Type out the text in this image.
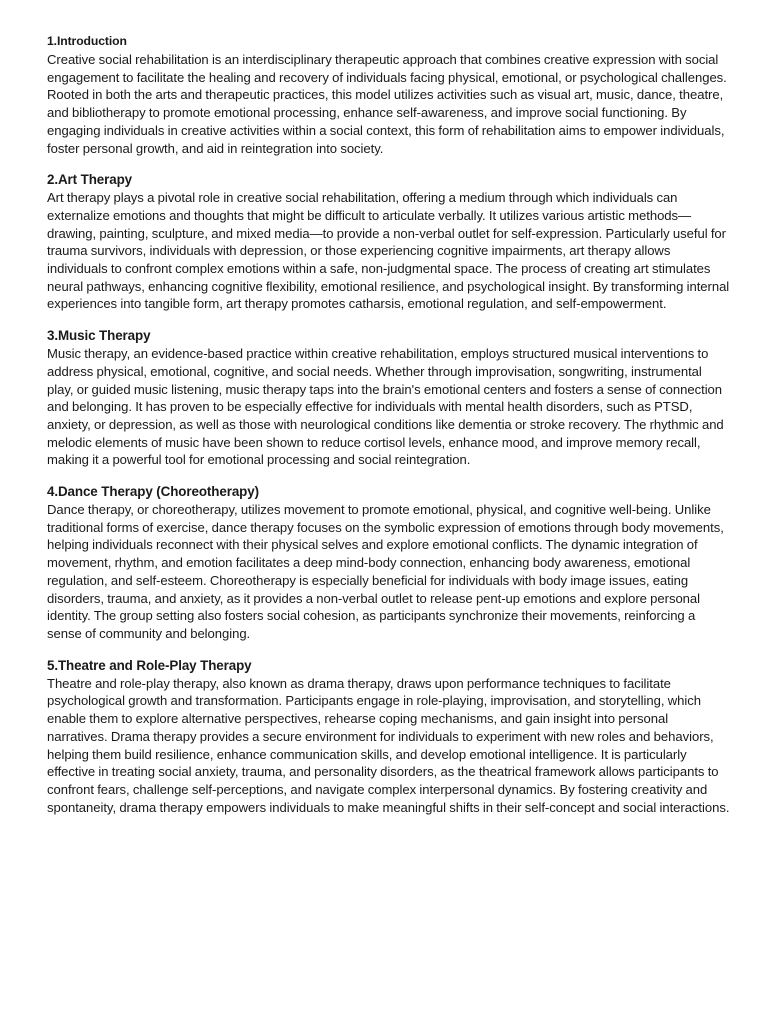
1.Introduction

Creative social rehabilitation is an interdisciplinary therapeutic approach that combines creative expression with social engagement to facilitate the healing and recovery of individuals facing physical, emotional, or psychological challenges. Rooted in both the arts and therapeutic practices, this model utilizes activities such as visual art, music, dance, theatre, and bibliotherapy to promote emotional processing, enhance self-awareness, and improve social functioning. By engaging individuals in creative activities within a social context, this form of rehabilitation aims to empower individuals, foster personal growth, and aid in reintegration into society.

2.Art Therapy

Art therapy plays a pivotal role in creative social rehabilitation, offering a medium through which individuals can externalize emotions and thoughts that might be difficult to articulate verbally. It utilizes various artistic methods—drawing, painting, sculpture, and mixed media—to provide a non-verbal outlet for self-expression. Particularly useful for trauma survivors, individuals with depression, or those experiencing cognitive impairments, art therapy allows individuals to confront complex emotions within a safe, non-judgmental space. The process of creating art stimulates neural pathways, enhancing cognitive flexibility, emotional resilience, and psychological insight. By transforming internal experiences into tangible form, art therapy promotes catharsis, emotional regulation, and self-empowerment.

3.Music Therapy

Music therapy, an evidence-based practice within creative rehabilitation, employs structured musical interventions to address physical, emotional, cognitive, and social needs. Whether through improvisation, songwriting, instrumental play, or guided music listening, music therapy taps into the brain's emotional centers and fosters a sense of connection and belonging. It has proven to be especially effective for individuals with mental health disorders, such as PTSD, anxiety, or depression, as well as those with neurological conditions like dementia or stroke recovery. The rhythmic and melodic elements of music have been shown to reduce cortisol levels, enhance mood, and improve memory recall, making it a powerful tool for emotional processing and social reintegration.

4.Dance Therapy (Choreotherapy)

Dance therapy, or choreotherapy, utilizes movement to promote emotional, physical, and cognitive well-being. Unlike traditional forms of exercise, dance therapy focuses on the symbolic expression of emotions through body movements, helping individuals reconnect with their physical selves and explore emotional conflicts. The dynamic integration of movement, rhythm, and emotion facilitates a deep mind-body connection, enhancing body awareness, emotional regulation, and self-esteem. Choreotherapy is especially beneficial for individuals with body image issues, eating disorders, trauma, and anxiety, as it provides a non-verbal outlet to release pent-up emotions and explore personal identity. The group setting also fosters social cohesion, as participants synchronize their movements, reinforcing a sense of community and belonging.

5.Theatre and Role-Play Therapy

Theatre and role-play therapy, also known as drama therapy, draws upon performance techniques to facilitate psychological growth and transformation. Participants engage in role-playing, improvisation, and storytelling, which enable them to explore alternative perspectives, rehearse coping mechanisms, and gain insight into personal narratives. Drama therapy provides a secure environment for individuals to experiment with new roles and behaviors, helping them build resilience, enhance communication skills, and develop emotional intelligence. It is particularly effective in treating social anxiety, trauma, and personality disorders, as the theatrical framework allows participants to confront fears, challenge self-perceptions, and navigate complex interpersonal dynamics. By fostering creativity and spontaneity, drama therapy empowers individuals to make meaningful shifts in their self-concept and social interactions.
